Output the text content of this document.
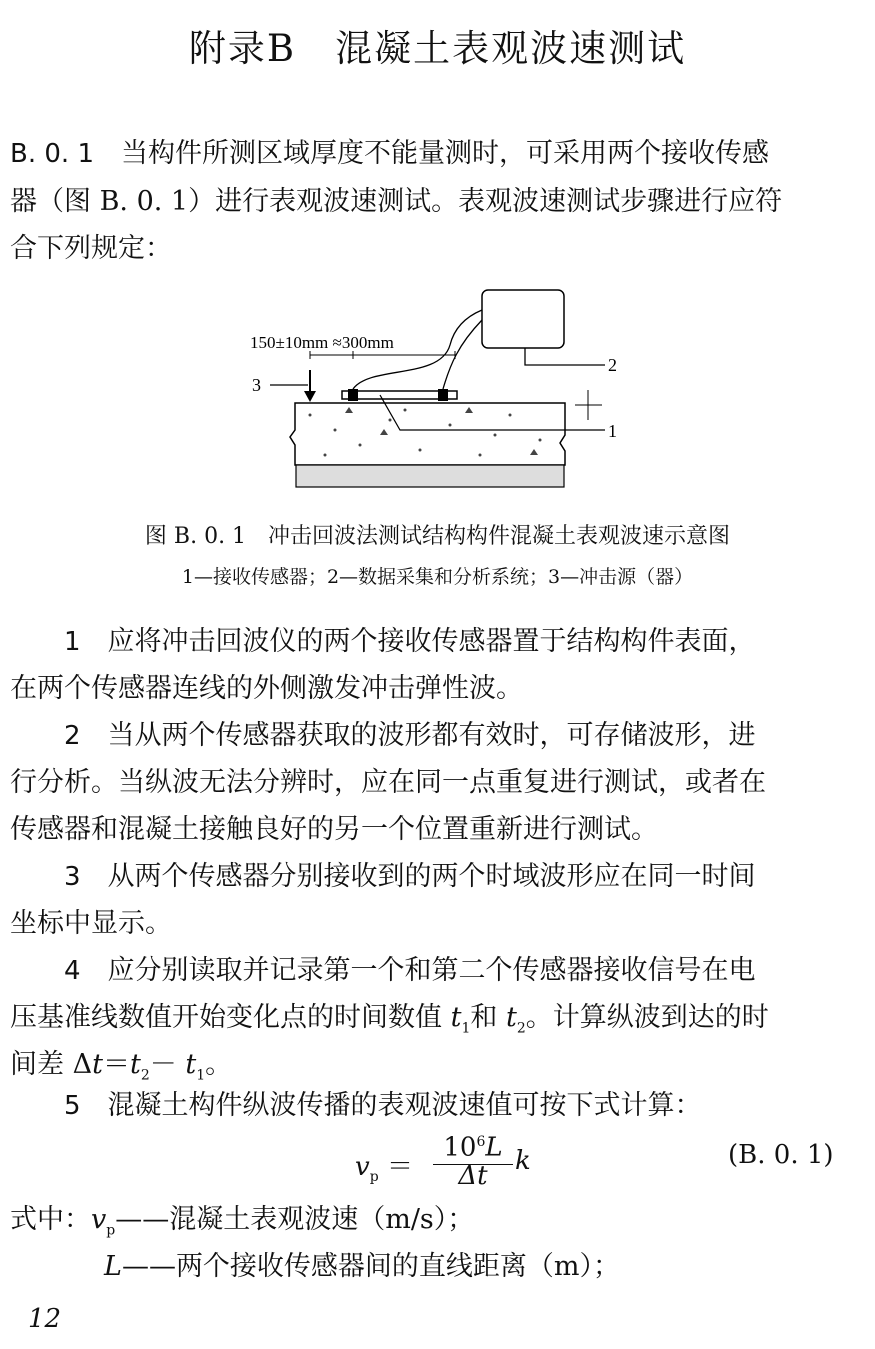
附录B　混凝土表观波速测试
B. 0. 1　 当构件所测区域厚度不能量测时，可采用两个接收传感
器（图 B. 0. 1）进行表观波速测试。表观波速测试步骤进行应符
合下列规定：
150±10mm ≈300mm
1
2
3
图 B. 0. 1　冲击回波法测试结构构件混凝土表观波速示意图
1—接收传感器；2—数据采集和分析系统；3—冲击源（器）
1　 应将冲击回波仪的两个接收传感器置于结构构件表面，
在两个传感器连线的外侧激发冲击弹性波。
2　 当从两个传感器获取的波形都有效时，可存储波形，进
行分析。当纵波无法分辨时，应在同一点重复进行测试，或者在
传感器和混凝土接触良好的另一个位置重新进行测试。
3　 从两个传感器分别接收到的两个时域波形应在同一时间
坐标中显示。
4　 应分别读取并记录第一个和第二个传感器接收信号在电
压基准线数值开始变化点的时间数值 $t_1$和 $t_2$。计算纵波到达的时
间差 $\Delta t=t_2- t_1$。
5　 混凝土构件纵波传播的表观波速值可按下式计算：
$v_p$ ＝
$10^6L$
Δt	k	(B. 0. 1)
式中：$v_p——$混凝土表观波速（m/s）；
L——两个接收传感器间的直线距离（m）；
12
